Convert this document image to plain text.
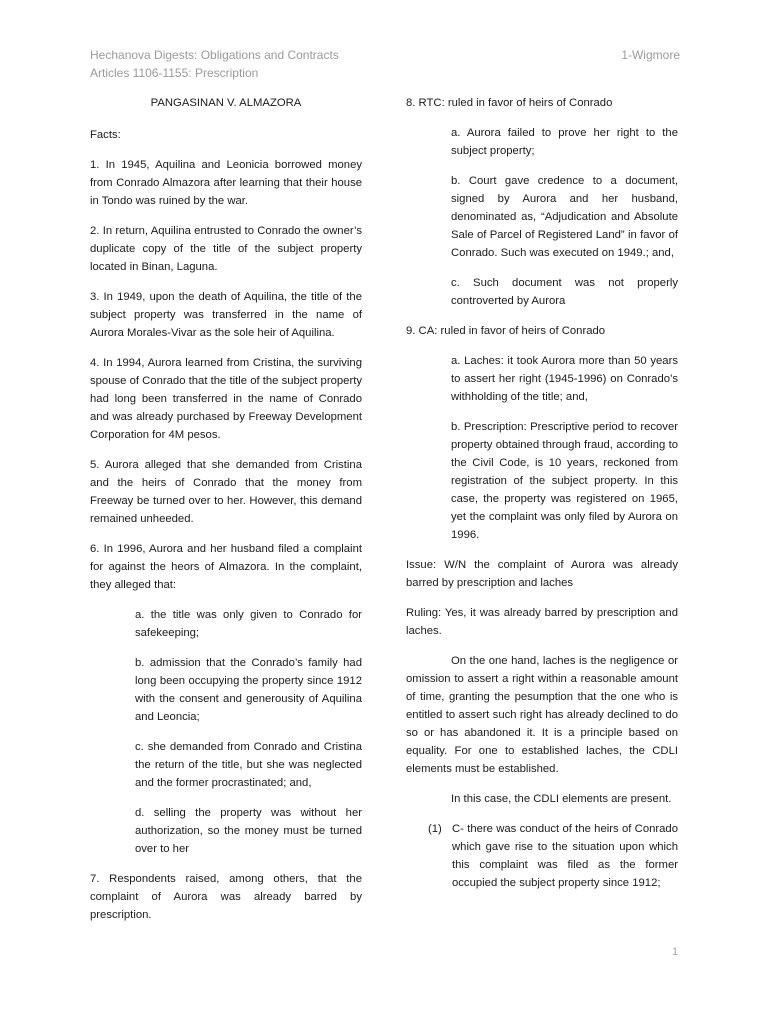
Hechanova Digests: Obligations and Contracts
Articles 1106-1155: Prescription
1-Wigmore

PANGASINAN V. ALMAZORA

Facts:

1. In 1945, Aquilina and Leonicia borrowed money from Conrado Almazora after learning that their house in Tondo was ruined by the war.

2. In return, Aquilina entrusted to Conrado the owner’s duplicate copy of the title of the subject property located in Binan, Laguna.

3. In 1949, upon the death of Aquilina, the title of the subject property was transferred in the name of Aurora Morales-Vivar as the sole heir of Aquilina.

4. In 1994, Aurora learned from Cristina, the surviving spouse of Conrado that the title of the subject property had long been transferred in the name of Conrado and was already purchased by Freeway Development Corporation for 4M pesos.

5. Aurora alleged that she demanded from Cristina and the heirs of Conrado that the money from Freeway be turned over to her. However, this demand remained unheeded.

6. In 1996, Aurora and her husband filed a complaint for against the heors of Almazora. In the complaint, they alleged that:

a. the title was only given to Conrado for safekeeping;

b. admission that the Conrado’s family had long been occupying the property since 1912 with the consent and generousity of Aquilina and Leoncia;

c. she demanded from Conrado and Cristina the return of the title, but she was neglected and the former procrastinated; and,

d. selling the property was without her authorization, so the money must be turned over to her

7. Respondents raised, among others, that the complaint of Aurora was already barred by prescription.

8. RTC: ruled in favor of heirs of Conrado

a. Aurora failed to prove her right to the subject property;

b. Court gave credence to a document, signed by Aurora and her husband, denominated as, “Adjudication and Absolute Sale of Parcel of Registered Land” in favor of Conrado. Such was executed on 1949.; and,

c. Such document was not properly controverted by Aurora

9. CA: ruled in favor of heirs of Conrado

a. Laches: it took Aurora more than 50 years to assert her right (1945-1996) on Conrado’s withholding of the title; and,

b. Prescription: Prescriptive period to recover property obtained through fraud, according to the Civil Code, is 10 years, reckoned from registration of the subject property. In this case, the property was registered on 1965, yet the complaint was only filed by Aurora on 1996.

Issue: W/N the complaint of Aurora was already barred by prescription and laches

Ruling: Yes, it was already barred by prescription and laches.

On the one hand, laches is the negligence or omission to assert a right within a reasonable amount of time, granting the pesumption that the one who is entitled to assert such right has already declined to do so or has abandoned it. It is a principle based on equality. For one to established laches, the CDLI elements must be established.

In this case, the CDLI elements are present.

(1) C- there was conduct of the heirs of Conrado which gave rise to the situation upon which this complaint was filed as the former occupied the subject property since 1912;
1
